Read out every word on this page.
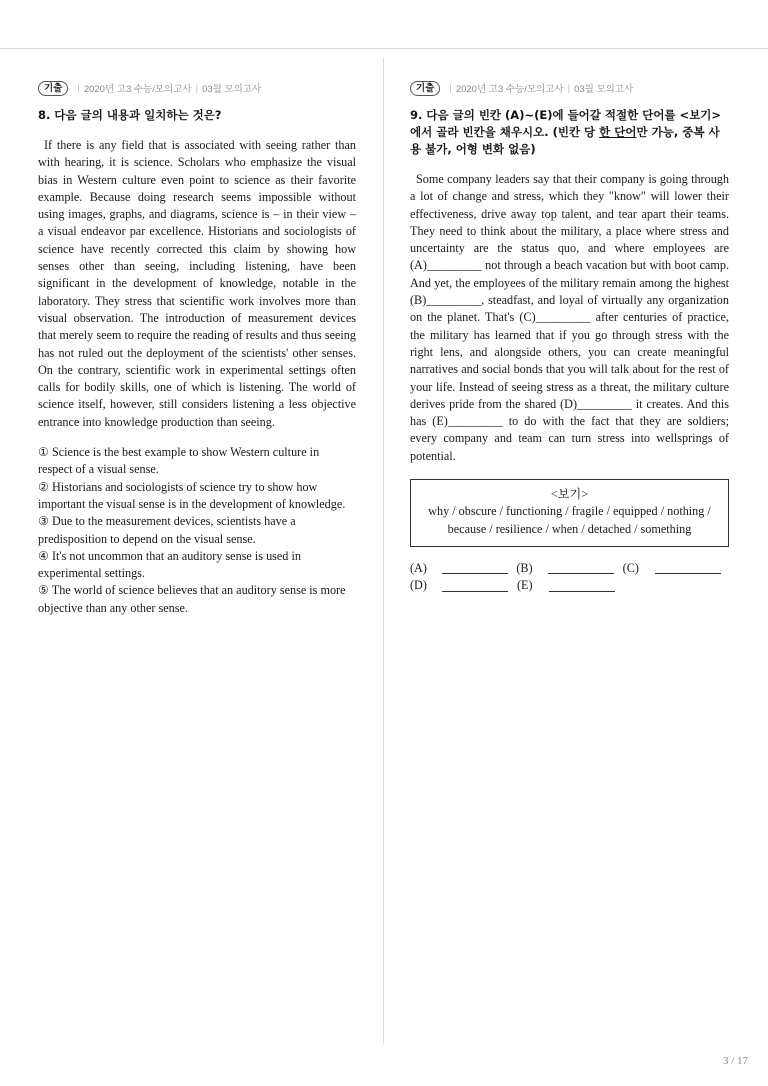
기출	| 2020년 고3 수능/모의고사 | 03월 모의고사
8. 다음 글의 내용과 일치하는 것은?
If there is any field that is associated with seeing rather than with hearing, it is science. Scholars who emphasize the visual bias in Western culture even point to science as their favorite example. Because doing research seems impossible without using images, graphs, and diagrams, science is – in their view – a visual endeavor par excellence. Historians and sociologists of science have recently corrected this claim by showing how senses other than seeing, including listening, have been significant in the development of knowledge, notable in the laboratory. They stress that scientific work involves more than visual observation. The introduction of measurement devices that merely seem to require the reading of results and thus seeing has not ruled out the deployment of the scientists' other senses. On the contrary, scientific work in experimental settings often calls for bodily skills, one of which is listening. The world of science itself, however, still considers listening a less objective entrance into knowledge production than seeing.
① Science is the best example to show Western culture in respect of a visual sense.
② Historians and sociologists of science try to show how important the visual sense is in the development of knowledge.
③ Due to the measurement devices, scientists have a predisposition to depend on the visual sense.
④ It's not uncommon that an auditory sense is used in experimental settings.
⑤ The world of science believes that an auditory sense is more objective than any other sense.
기출	| 2020년 고3 수능/모의고사 | 03월 모의고사
9. 다음 글의 빈칸 (A)~(E)에 들어갈 적절한 단어를 <보기>에서 골라 빈칸을 채우시오. (빈칸 당 한 단어만 가능, 중복 사용 불가, 어형 변화 없음)
Some company leaders say that their company is going through a lot of change and stress, which they "know" will lower their effectiveness, drive away top talent, and tear apart their teams. They need to think about the military, a place where stress and uncertainty are the status quo, and where employees are (A)_________ not through a beach vacation but with boot camp. And yet, the employees of the military remain among the highest (B)_________, steadfast, and loyal of virtually any organization on the planet. That's (C)_________ after centuries of practice, the military has learned that if you go through stress with the right lens, and alongside others, you can create meaningful narratives and social bonds that you will talk about for the rest of your life. Instead of seeing stress as a threat, the military culture derives pride from the shared (D)_________ it creates. And this has (E)_________ to do with the fact that they are soldiers; every company and team can turn stress into wellsprings of potential.
<보기>
why / obscure / functioning / fragile / equipped / nothing / because / resilience / when / detached / something
(A)	(B)	(C)
(D)	(E)
3 / 17
